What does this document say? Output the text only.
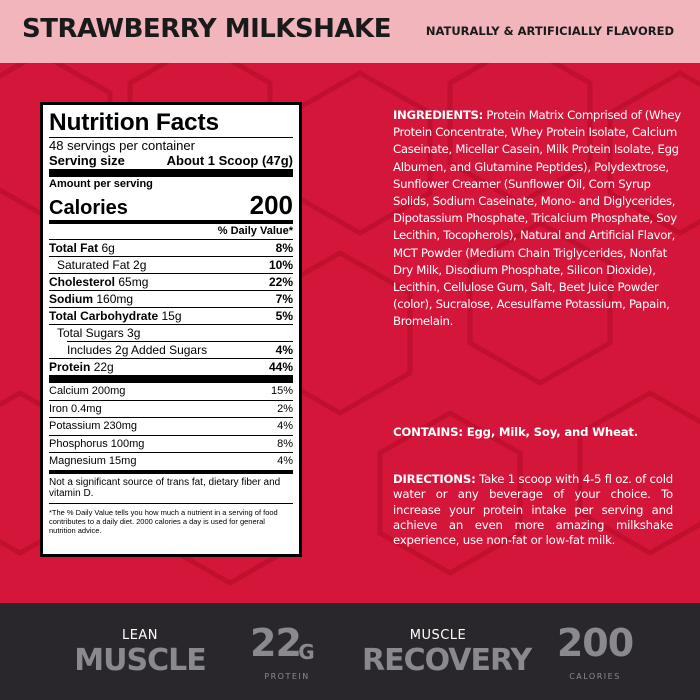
STRAWBERRY MILKSHAKE	NATURALLY & ARTIFICIALLY FLAVORED
Nutrition Facts
48 servings per container
Serving size	About 1 Scoop (47g)
Amount per serving
Calories	200
% Daily Value*
Total Fat 6g	8%
Saturated Fat 2g	10%
Cholesterol 65mg	22%
Sodium 160mg	7%
Total Carbohydrate 15g	5%
Total Sugars 3g
Includes 2g Added Sugars	4%
Protein 22g	44%
Calcium 200mg	15%
Iron 0.4mg	2%
Potassium 230mg	4%
Phosphorus 100mg	8%
Magnesium 15mg	4%
Not a significant source of trans fat, dietary fiber and vitamin D.
*The % Daily Value tells you how much a nutrient in a serving of food contributes to a daily diet. 2000 calories a day is used for general nutrition advice.
INGREDIENTS: Protein Matrix Comprised of (Whey Protein Concentrate, Whey Protein Isolate, Calcium Caseinate, Micellar Casein, Milk Protein Isolate, Egg Albumen, and Glutamine Peptides), Polydextrose, Sunflower Creamer (Sunflower Oil, Corn Syrup Solids, Sodium Caseinate, Mono- and Diglycerides, Dipotassium Phosphate, Tricalcium Phosphate, Soy Lecithin, Tocopherols), Natural and Artificial Flavor, MCT Powder (Medium Chain Triglycerides, Nonfat Dry Milk, Disodium Phosphate, Silicon Dioxide), Lecithin, Cellulose Gum, Salt, Beet Juice Powder (color), Sucralose, Acesulfame Potassium, Papain, Bromelain.
CONTAINS: Egg, Milk, Soy, and Wheat.
DIRECTIONS: Take 1 scoop with 4-5 fl oz. of cold water or any beverage of your choice. To increase your protein intake per serving and achieve an even more amazing milkshake experience, use non-fat or low-fat milk.
LEAN
MUSCLE 22
G
PROTEIN
MUSCLE
RECOVERY 200
CALORIES
